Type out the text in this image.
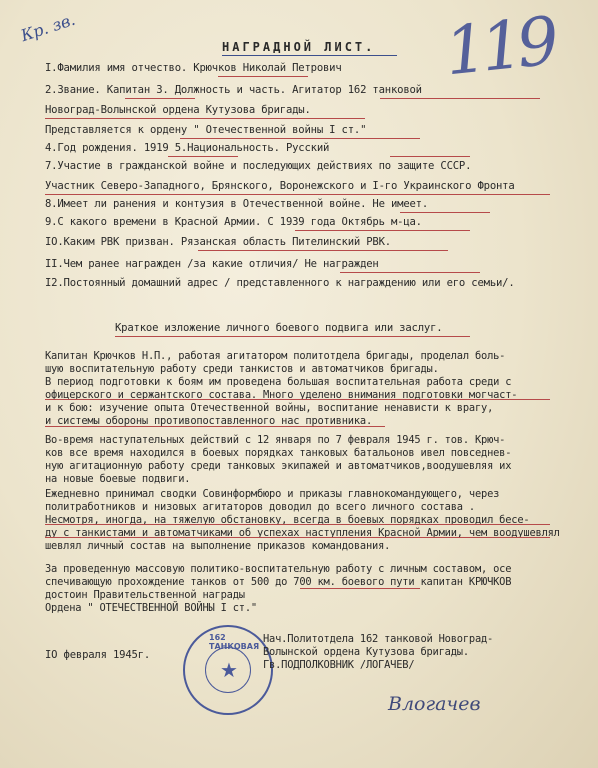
Кр. зв.	119
НАГРАДНОЙ ЛИСТ.
I.Фамилия имя отчество. Крючков Николай Петрович
2.Звание. Капитан 3. Должность и часть. Агитатор 162 танковой
Новоград-Волынской ордена Кутузова бригады.
Представляется к ордену " Отечественной войны I ст."
4.Год рождения. 1919 5.Национальность. Русский
7.Участие в гражданской войне и последующих действиях по защите СССР.
Участник Северо-Западного, Брянского, Воронежского и I-го Украинского Фронта
8.Имеет ли ранения и контузия в Отечественной войне. Не имеет.
9.С какого времени в Красной Армии. С 1939 года Октябрь м-ца.
IO.Каким РВК призван. Рязанская область Пителинский РВК.
II.Чем ранее награжден /за какие отличия/ Не награжден
I2.Постоянный домашний адрес / представленного к награждению или его семьи/.
Краткое изложение личного боевого подвига или заслуг.
Капитан Крючков Н.П., работая агитатором политотдела бригады, проделал боль-
шую воспитательную работу среди танкистов и автоматчиков бригады.
В период подготовки к боям им проведена большая воспитательная работа среди с
офицерского и сержантского состава. Много уделено внимания подготовки могчаст-
и к бою: изучение опыта Отечественной войны, воспитание ненависти к врагу,
и системы обороны противопоставленного нас противника.
Во-время наступательных действий с 12 января по 7 февраля 1945 г. тов. Крюч-
ков все время находился в боевых порядках танковых батальонов ивел повседнев-
ную агитационную работу среди танковых экипажей и автоматчиков,воодушевляя их
на новые боевые подвиги.
Ежедневно принимал сводки Совинформбюро и приказы главнокомандующего, через
политработников и низовых агитаторов доводил до всего личного состава .
Несмотря, иногда, на тяжелую обстановку, всегда в боевых порядках проводил бесе-
ду с танкистами и автоматчиками об успехах наступления Красной Армии, чем воодушевлял
шевлял личный состав на выполнение приказов командования.
За проведенную массовую политико-воспитательную работу с личным составом, осе
спечивающую прохождение танков от 500 до 700 км. боевого пути капитан КРЮЧКОВ
достоин Правительственной награды
Ордена " ОТЕЧЕСТВЕННОЙ ВОЙНЫ I ст."
IO февраля 1945г.
162 ТАНКОВАЯ
★
Нач.Политотдела 162 танковой Новоград-
Волынской ордена Кутузова бригады.
Гв.ПОДПОЛКОВНИК /ЛОГАЧЕВ/
Влогачев
